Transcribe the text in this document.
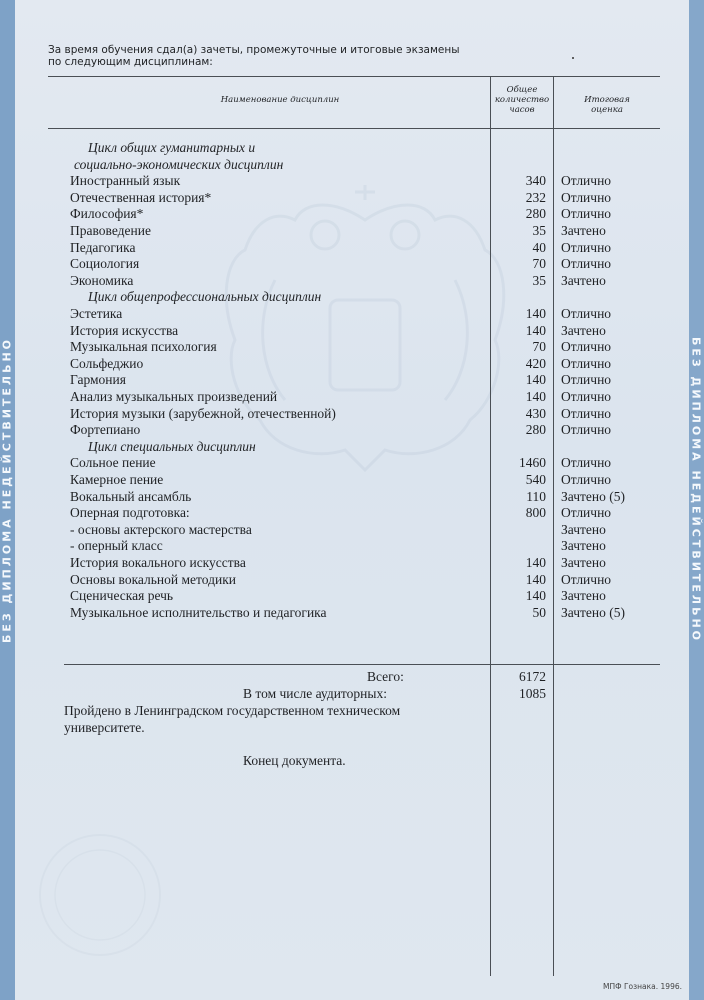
БЕЗ ДИПЛОМА НЕДЕЙСТВИТЕЛЬНО	БЕЗ ДИПЛОМА НЕДЕЙСТВИТЕЛЬНО
За время обучения сдал(а) зачеты, промежуточные и итоговые экзамены
по следующим дисциплинам:
Наименование дисциплин
Общее
количество
часов
Итоговая
оценка
Цикл общих гуманитарных и
социально-экономических дисциплин
Иностранный язык	340 Отлично
Отечественная история*	232 Отлично
Философия*	280 Отлично
Правоведение	35 Зачтено
Педагогика	40 Отлично
Социология	70 Отлично
Экономика	35 Зачтено
Цикл общепрофессиональных дисциплин
Эстетика	140 Отлично
История искусства	140 Зачтено
Музыкальная психология	70 Отлично
Сольфеджио	420 Отлично
Гармония	140 Отлично
Анализ музыкальных произведений	140 Отлично
История музыки (зарубежной, отечественной)	430 Отлично
Фортепиано	280 Отлично
Цикл специальных дисциплин
Сольное пение	1460 Отлично
Камерное пение	540 Отлично
Вокальный ансамбль	110 Зачтено (5)
Оперная подготовка:	800 Отлично
- основы актерского мастерства	Зачтено
- оперный класс	Зачтено
История вокального искусства	140 Зачтено
Основы вокальной методики	140 Отлично
Сценическая речь	140 Зачтено
Музыкальное исполнительство и педагогика	50 Зачтено (5)
Всего:	6172
В том числе аудиторных:	1085
Пройдено в Ленинградском государственном техническом
университете.
Конец документа.
МПФ Гознака. 1996.
